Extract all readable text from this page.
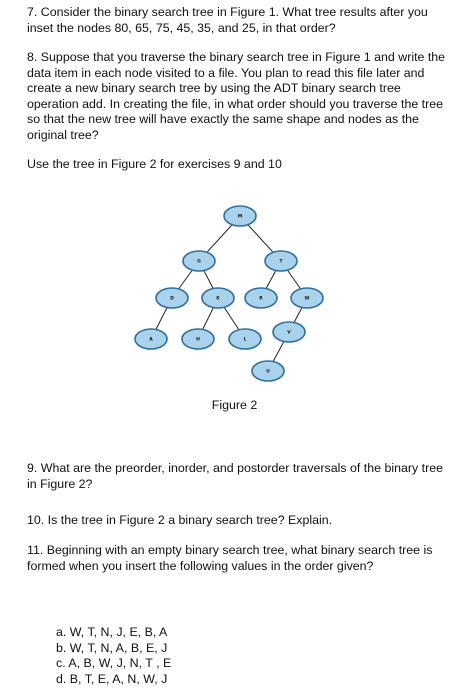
7. Consider the binary search tree in Figure 1. What tree results after you inset the nodes 80, 65, 75, 45, 35, and 25, in that order?

8. Suppose that you traverse the binary search tree in Figure 1 and write the data item in each node visited to a file. You plan to read this file later and create a new binary search tree by using the ADT binary search tree operation add. In creating the file, in what order should you traverse the tree so that the new tree will have exactly the same shape and nodes as the original tree?

Use the tree in Figure 2 for exercises 9 and 10

M
G	T
D	K	R	W
A	H	L
V
U
Figure 2

9. What are the preorder, inorder, and postorder traversals of the binary tree in Figure 2?

10. Is the tree in Figure 2 a binary search tree? Explain.

11. Beginning with an empty binary search tree, what binary search tree is formed when you insert the following values in the order given?

a. W, T, N, J, E, B, A
b. W, T, N, A, B, E, J
c. A, B, W, J, N, T , E
d. B, T, E, A, N, W, J
